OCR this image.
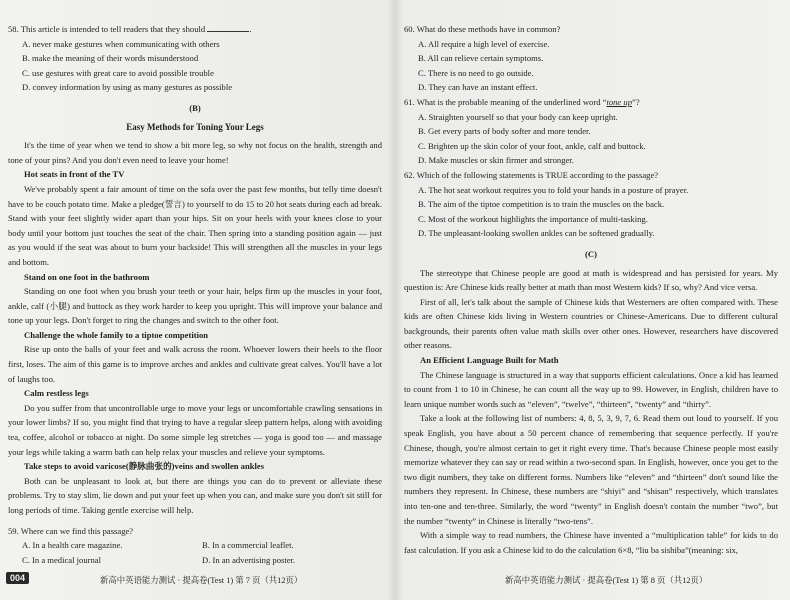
58. This article is intended to tell readers that they should	.

A. never make gestures when communicating with others

B. make the meaning of their words misunderstood

C. use gestures with great care to avoid possible trouble

D. convey information by using as many gestures as possible

(B)
Easy Methods for Toning Your Legs

It's the time of year when we tend to show a bit more leg, so why not focus on the health, strength and tone of your pins? And you don't even need to leave your home!

Hot seats in front of the TV

We've probably spent a fair amount of time on the sofa over the past few months, but telly time doesn't have to be couch potato time. Make a pledge(誓言) to yourself to do 15 to 20 hot seats during each ad break. Stand with your feet slightly wider apart than your hips. Sit on your heels with your knees close to your body until your bottom just touches the seat of the chair. Then spring into a standing position again — just as you would if the seat was about to burn your backside! This will strengthen all the muscles in your legs and bottom.

Stand on one foot in the bathroom

Standing on one foot when you brush your teeth or your hair, helps firm up the muscles in your foot, ankle, calf (小腿) and buttock as they work harder to keep you upright. This will improve your balance and tone up your legs. Don't forget to ring the changes and switch to the other foot.

Challenge the whole family to a tiptoe competition

Rise up onto the balls of your feet and walk across the room. Whoever lowers their heels to the floor first, loses. The aim of this game is to improve arches and ankles and cultivate great calves. You'll have a lot of laughs too.

Calm restless legs

Do you suffer from that uncontrollable urge to move your legs or uncomfortable crawling sensations in your lower limbs? If so, you might find that trying to have a regular sleep pattern helps, along with avoiding tea, coffee, alcohol or tobacco at night. Do some simple leg stretches — yoga is good too — and massage your legs while taking a warm bath can help relax your muscles and relieve your symptoms.

Take steps to avoid varicose(静脉曲张的)veins and swollen ankles

Both can be unpleasant to look at, but there are things you can do to prevent or alleviate these problems. Try to stay slim, lie down and put your feet up when you can, and make sure you don't sit still for long periods of time. Taking gentle exercise will help.

59. Where can we find this passage?

A. In a health care magazine.	B. In a commercial leaflet.
C. In a medical journal	D. In an advertising poster.
004	新高中英语能力测试 · 提高卷(Test 1) 第 7 页（共12页）

60. What do these methods have in common?

A. All require a high level of exercise.

B. All can relieve certain symptoms.

C. There is no need to go outside.

D. They can have an instant effect.

61. What is the probable meaning of the underlined word “tone up”?

A. Straighten yourself so that your body can keep upright.

B. Get every parts of body softer and more tender.

C. Brighten up the skin color of your foot, ankle, calf and buttock.

D. Make muscles or skin firmer and stronger.

62. Which of the following statements is TRUE according to the passage?

A. The hot seat workout requires you to fold your hands in a posture of prayer.

B. The aim of the tiptoe competition is to train the muscles on the back.

C. Most of the workout highlights the importance of multi-tasking.

D. The unpleasant-looking swollen ankles can be softened gradually.

(C)

The stereotype that Chinese people are good at math is widespread and has persisted for years. My question is: Are Chinese kids really better at math than most Western kids? If so, why? And vice versa.

First of all, let's talk about the sample of Chinese kids that Westerners are often compared with. These kids are often Chinese kids living in Western countries or Chinese-Americans. Due to different cultural backgrounds, their parents often value math skills over other ones. However, researchers have discovered other reasons.

An Efficient Language Built for Math

The Chinese language is structured in a way that supports efficient calculations. Once a kid has learned to count from 1 to 10 in Chinese, he can count all the way up to 99. However, in English, children have to learn unique number words such as “eleven”, “twelve”, “thirteen”, “twenty” and “thirty”.

Take a look at the following list of numbers: 4, 8, 5, 3, 9, 7, 6. Read them out loud to yourself. If you speak English, you have about a 50 percent chance of remembering that sequence perfectly. If you're Chinese, though, you're almost certain to get it right every time. That's because Chinese people most easily memorize whatever they can say or read within a two-second span. In English, however, once you get to the two digit numbers, they take on different forms. Numbers like “eleven” and “thirteen” don't sound like the numbers they represent. In Chinese, these numbers are “shiyi” and “shisan” respectively, which translates into ten-one and ten-three. Similarly, the word “twenty” in English doesn't contain the number “two”, but the number “twenty” in Chinese is literally “two-tens”.

With a simple way to read numbers, the Chinese have invented a “multiplication table” for kids to do fast calculation. If you ask a Chinese kid to do the calculation 6×8, “liu ba sishiba”(meaning: six,

新高中英语能力测试 · 提高卷(Test 1) 第 8 页（共12页）
